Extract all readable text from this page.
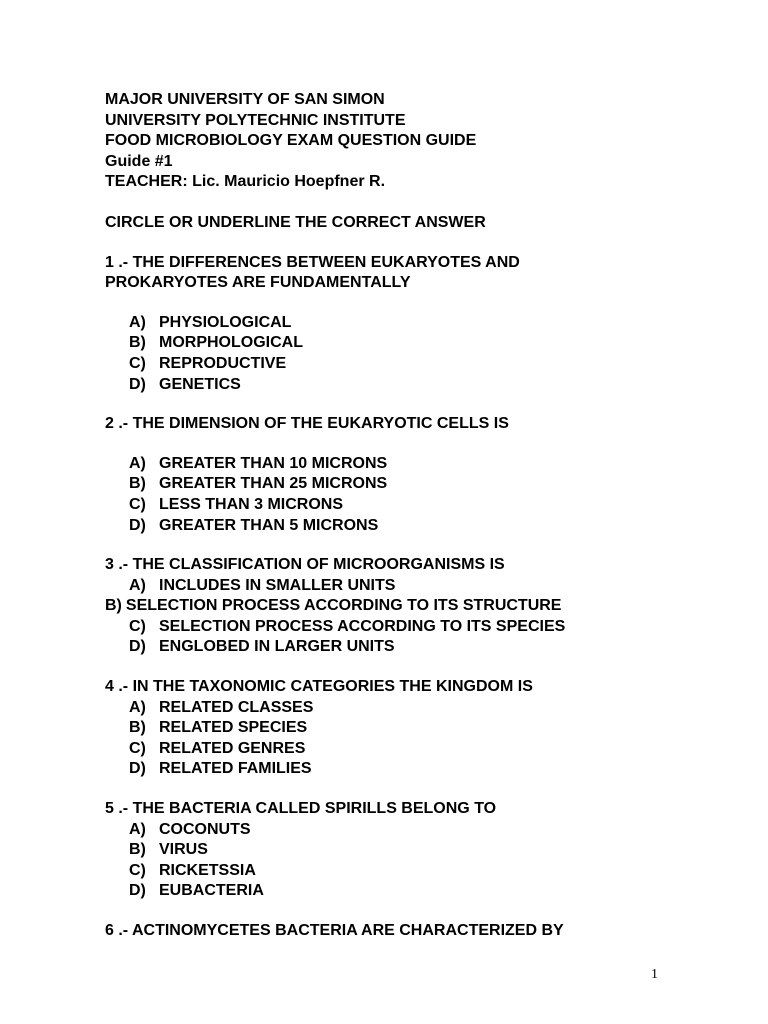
MAJOR UNIVERSITY OF SAN SIMON
UNIVERSITY POLYTECHNIC INSTITUTE
FOOD MICROBIOLOGY EXAM QUESTION GUIDE
Guide #1
TEACHER: Lic. Mauricio Hoepfner R.
CIRCLE OR UNDERLINE THE CORRECT ANSWER
1 .- THE DIFFERENCES BETWEEN EUKARYOTES AND
PROKARYOTES ARE FUNDAMENTALLY
A) PHYSIOLOGICAL
B) MORPHOLOGICAL
C) REPRODUCTIVE
D) GENETICS
2 .- THE DIMENSION OF THE EUKARYOTIC CELLS IS
A) GREATER THAN 10 MICRONS
B) GREATER THAN 25 MICRONS
C) LESS THAN 3 MICRONS
D) GREATER THAN 5 MICRONS
3 .- THE CLASSIFICATION OF MICROORGANISMS IS
A) INCLUDES IN SMALLER UNITS
B) SELECTION PROCESS ACCORDING TO ITS STRUCTURE
C) SELECTION PROCESS ACCORDING TO ITS SPECIES
D) ENGLOBED IN LARGER UNITS
4 .- IN THE TAXONOMIC CATEGORIES THE KINGDOM IS
A) RELATED CLASSES
B) RELATED SPECIES
C) RELATED GENRES
D) RELATED FAMILIES
5 .- THE BACTERIA CALLED SPIRILLS BELONG TO
A) COCONUTS
B) VIRUS
C) RICKETSSIA
D) EUBACTERIA
6 .- ACTINOMYCETES BACTERIA ARE CHARACTERIZED BY
1
